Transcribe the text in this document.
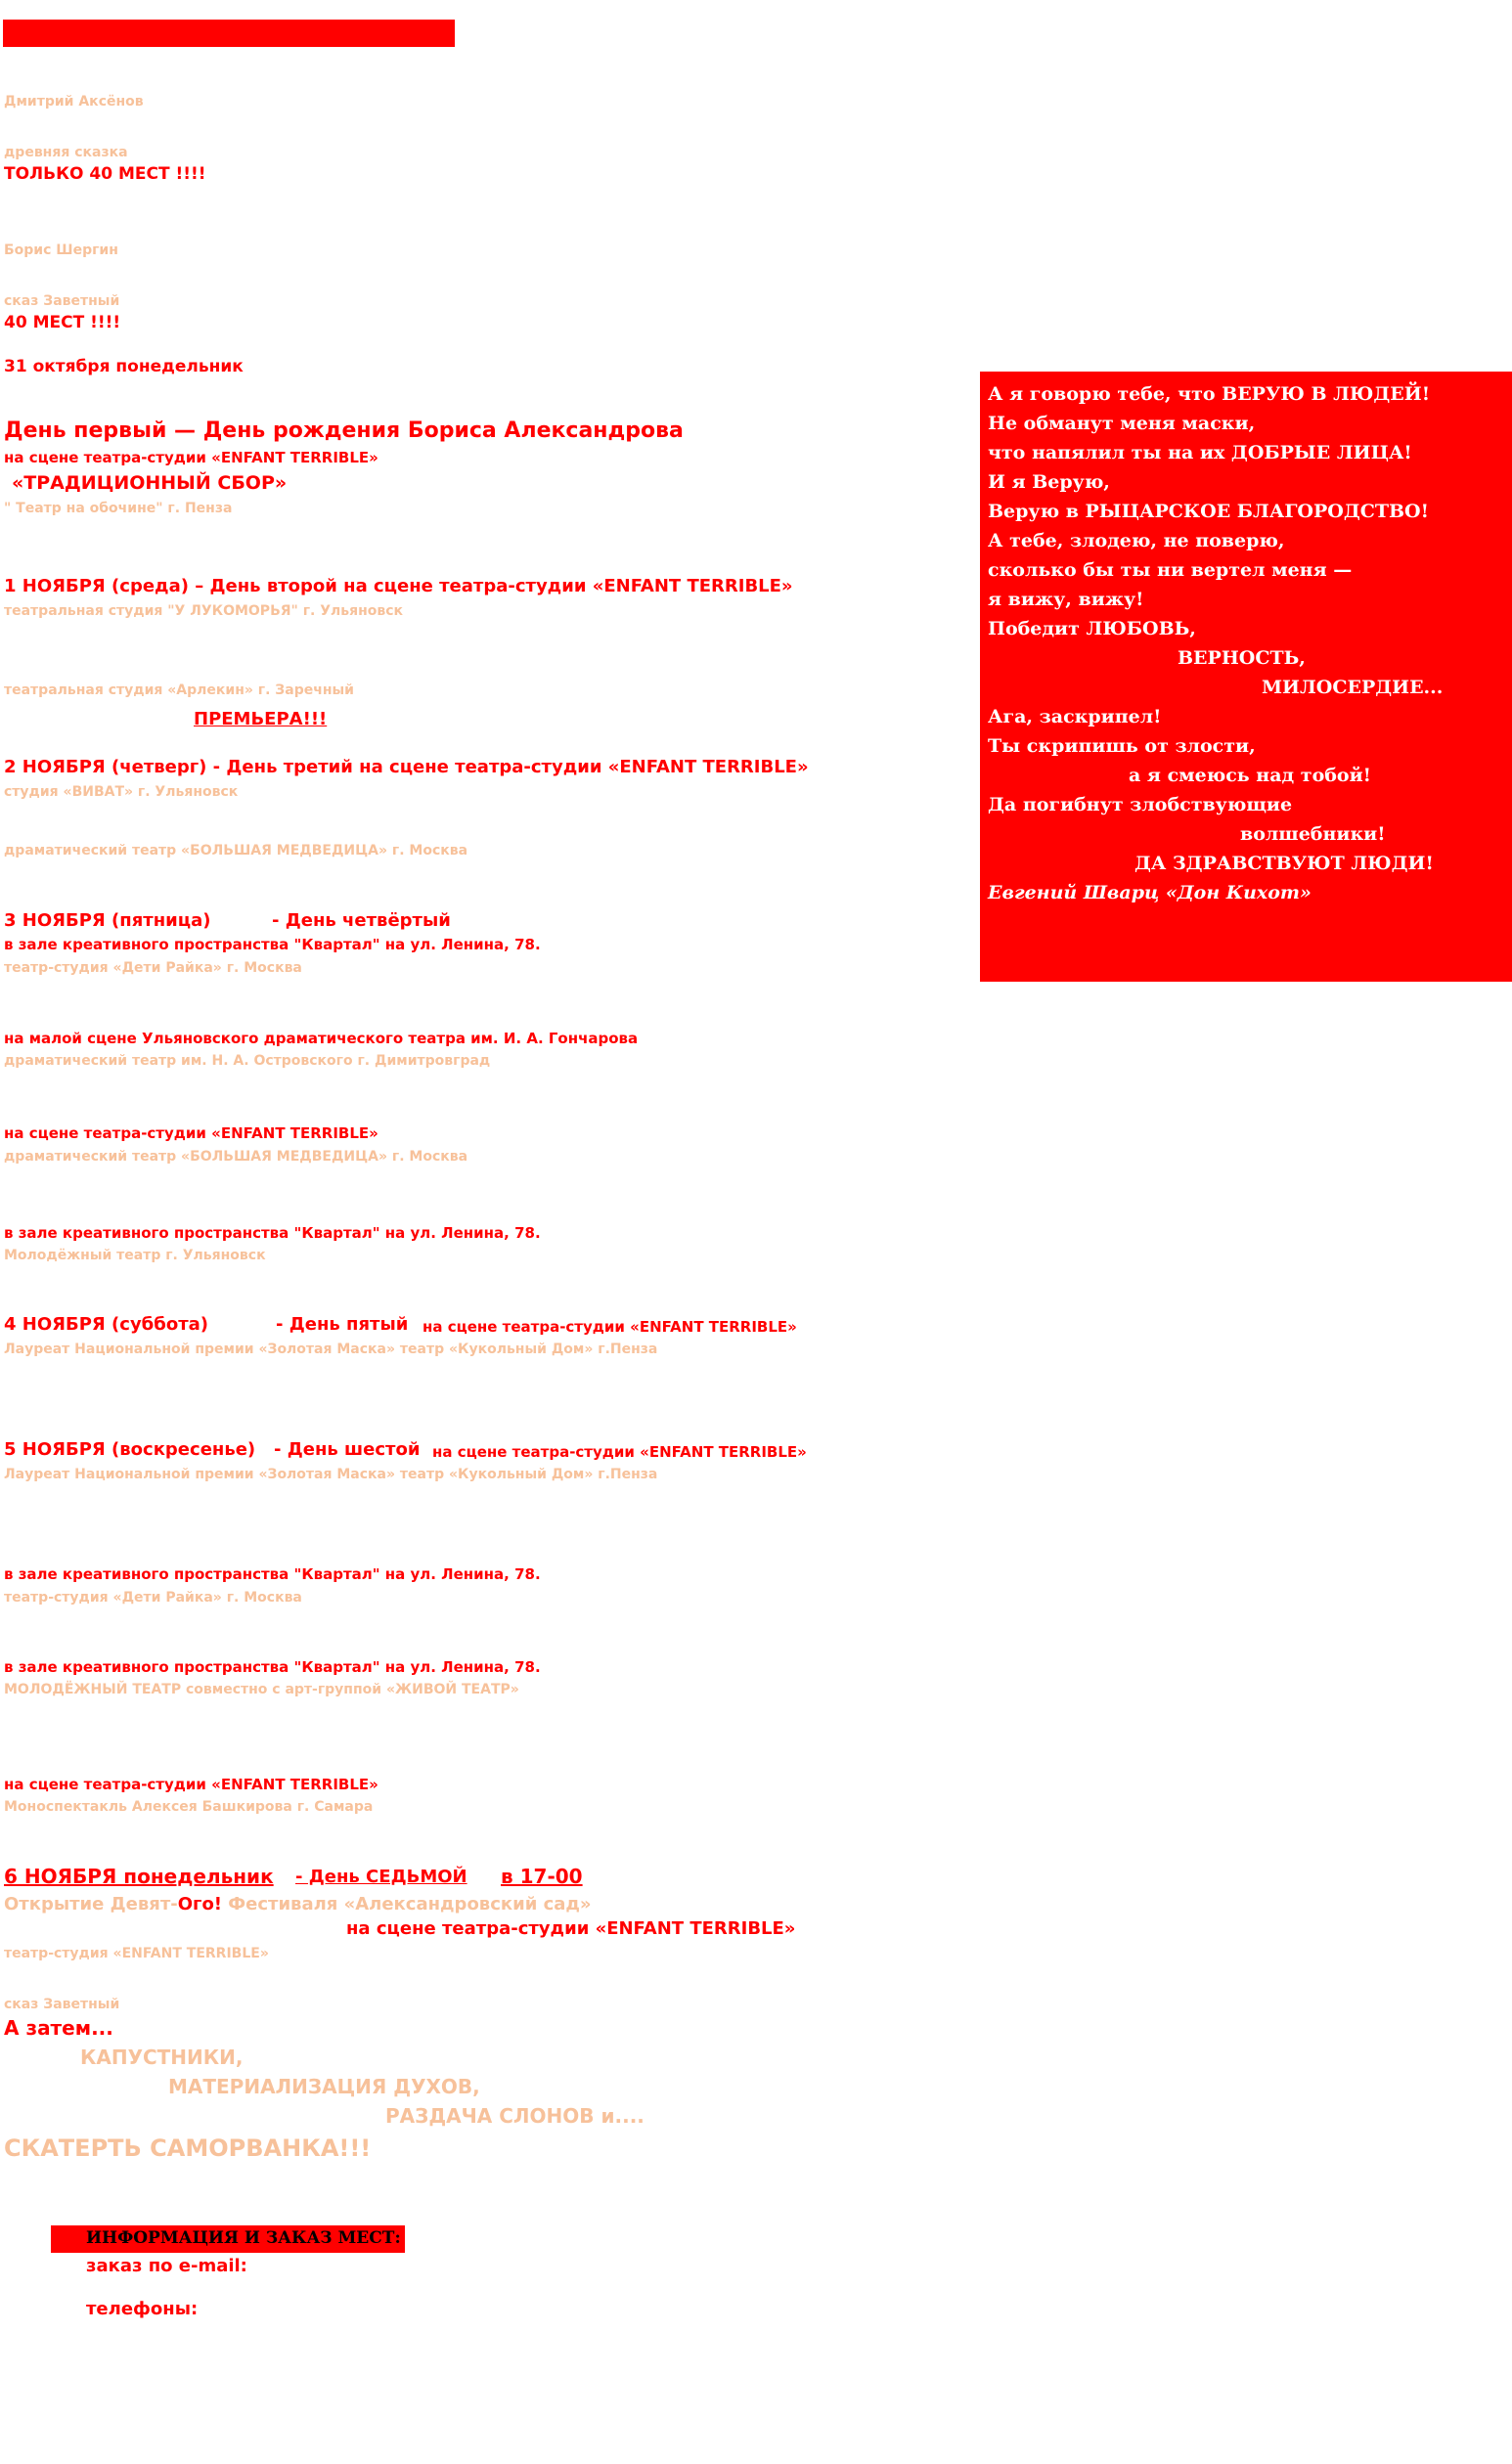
Дмитрий Аксёнов
древняя сказка
ТОЛЬКО 40 МЕСТ !!!!
Борис Шергин
сказ Заветный
40 МЕСТ !!!!
31 октября понедельник
День первый — День рождения Бориса Александрова
на сцене театра-студии «ENFANT TERRIBLE»
«ТРАДИЦИОННЫЙ СБОР»
" Театр на обочине" г. Пенза
1 НОЯБРЯ (среда) – День второй на сцене театра-студии «ENFANT TERRIBLE»
театральная студия "У ЛУКОМОРЬЯ" г. Ульяновск
театральная студия «Арлекин» г. Заречный
ПРЕМЬЕРА!!!
2 НОЯБРЯ (четверг) - День третий на сцене театра-студии «ENFANT TERRIBLE»
студия «ВИВАТ» г. Ульяновск
драматический театр «БОЛЬШАЯ МЕДВЕДИЦА» г. Москва
3 НОЯБРЯ (пятница)	- День четвёртый
в зале креативного пространства "Квартал" на ул. Ленина, 78.
театр-студия «Дети Райка» г. Москва
на малой сцене Ульяновского драматического театра им. И. А. Гончарова
драматический театр им. Н. А. Островского г. Димитровград
на сцене театра-студии «ENFANT TERRIBLE»
драматический театр «БОЛЬШАЯ МЕДВЕДИЦА» г. Москва
в зале креативного пространства "Квартал" на ул. Ленина, 78.
Молодёжный театр г. Ульяновск
4 НОЯБРЯ (суббота)	- День пятый на сцене театра-студии «ENFANT TERRIBLE»
Лауреат Национальной премии «Золотая Маска» театр «Кукольный Дом» г.Пенза
5 НОЯБРЯ (воскресенье) - День шестой на сцене театра-студии «ENFANT TERRIBLE»
Лауреат Национальной премии «Золотая Маска» театр «Кукольный Дом» г.Пенза
в зале креативного пространства "Квартал" на ул. Ленина, 78.
театр-студия «Дети Райка» г. Москва
в зале креативного пространства "Квартал" на ул. Ленина, 78.
МОЛОДЁЖНЫЙ ТЕАТР совместно с арт-группой «ЖИВОЙ ТЕАТР»
на сцене театра-студии «ENFANT TERRIBLE»
Моноспектакль Алексея Башкирова г. Самара
6 НОЯБРЯ понедельник - День СЕДЬМОЙ в 17-00
Открытие Девят-Ого! Фестиваля «Александровский сад»
на сцене театра-студии «ENFANT TERRIBLE»
театр-студия «ENFANT TERRIBLE»
сказ Заветный
А затем...
КАПУСТНИКИ,
МАТЕРИАЛИЗАЦИЯ ДУХОВ,
РАЗДАЧА СЛОНОВ и....
СКАТЕРТЬ САМОРВАНКА!!!
ИНФОРМАЦИЯ И ЗАКАЗ МЕСТ:
заказ по e-mail:
телефоны:
А я говорю тебе, что ВЕРУЮ В ЛЮДЕЙ!
Не обманут меня маски,
что напялил ты на их ДОБРЫЕ ЛИЦА!
И я Верую,
Верую в РЫЦАРСКОЕ БЛАГОРОДСТВО!
А тебе, злодею, не поверю,
сколько бы ты ни вертел меня —
я вижу, вижу!
Победит ЛЮБОВЬ,
ВЕРНОСТЬ,
МИЛОСЕРДИЕ...
Ага, заскрипел!
Ты скрипишь от злости,
а я смеюсь над тобой!
Да погибнут злобствующие
волшебники!
ДА ЗДРАВСТВУЮТ ЛЮДИ!
Евгений Шварц «Дон Кихот»
